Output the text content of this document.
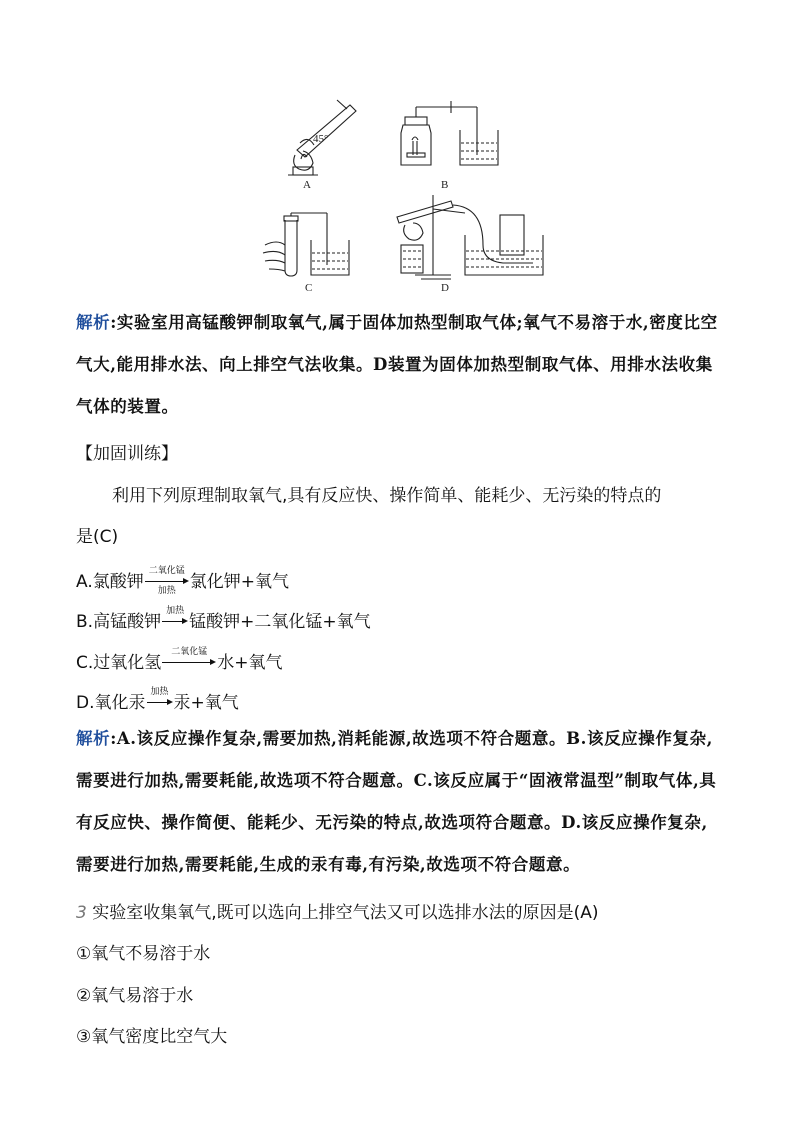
45°
A	B
C	D
解析:实验室用高锰酸钾制取氧气,属于固体加热型制取气体;氧气不易溶于水,密度比空气大,能用排水法、向上排空气法收集。D装置为固体加热型制取气体、用排水法收集气体的装置。
【加固训练】
利用下列原理制取氧气,具有反应快、操作简单、能耗少、无污染的特点的
是(C)
A.氯酸钾
二氧化锰
加热 氯化钾+氧气
B.高锰酸钾
加热
锰酸钾+二氧化锰+氧气
C.过氧化氢
二氧化锰
水+氧气
D.氧化汞
加热
汞+氧气
解析:A.该反应操作复杂,需要加热,消耗能源,故选项不符合题意。B.该反应操作复杂,需要进行加热,需要耗能,故选项不符合题意。C.该反应属于“固液常温型”制取气体,具有反应快、操作简便、能耗少、无污染的特点,故选项符合题意。D.该反应操作复杂,需要进行加热,需要耗能,生成的汞有毒,有污染,故选项不符合题意。
3 实验室收集氧气,既可以选向上排空气法又可以选排水法的原因是(A)
①氧气不易溶于水
②氧气易溶于水
③氧气密度比空气大
